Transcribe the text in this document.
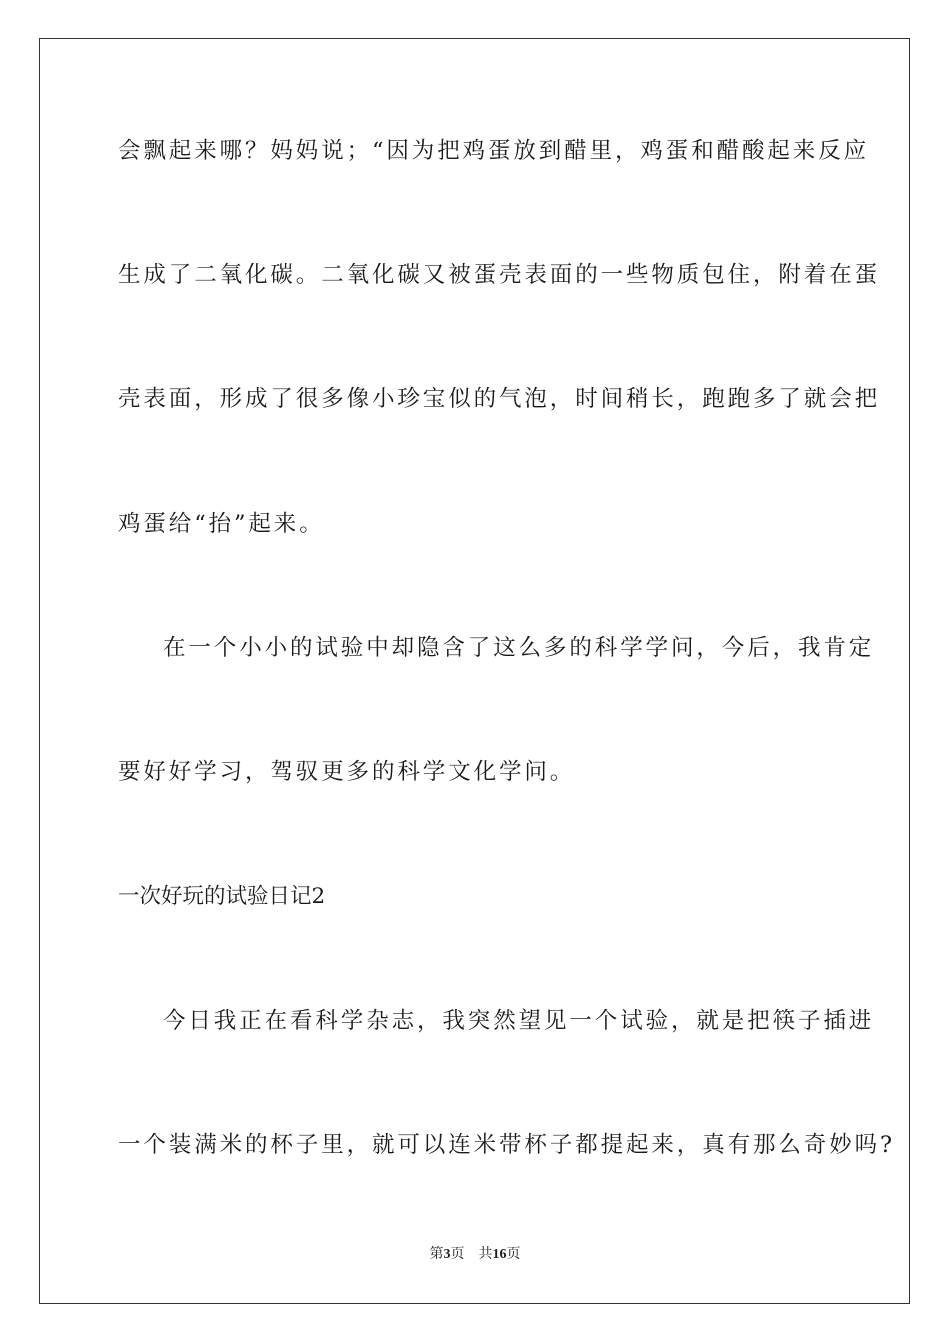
会飘起来哪？妈妈说；“因为把鸡蛋放到醋里，鸡蛋和醋酸起来反应
生成了二氧化碳。二氧化碳又被蛋壳表面的一些物质包住，附着在蛋
壳表面，形成了很多像小珍宝似的气泡，时间稍长，跑跑多了就会把
鸡蛋给“抬”起来。
在一个小小的试验中却隐含了这么多的科学学问，今后，我肯定
要好好学习，驾驭更多的科学文化学问。
一次好玩的试验日记2
今日我正在看科学杂志，我突然望见一个试验，就是把筷子插进
一个装满米的杯子里，就可以连米带杯子都提起来，真有那么奇妙吗?
第3页 共16页
